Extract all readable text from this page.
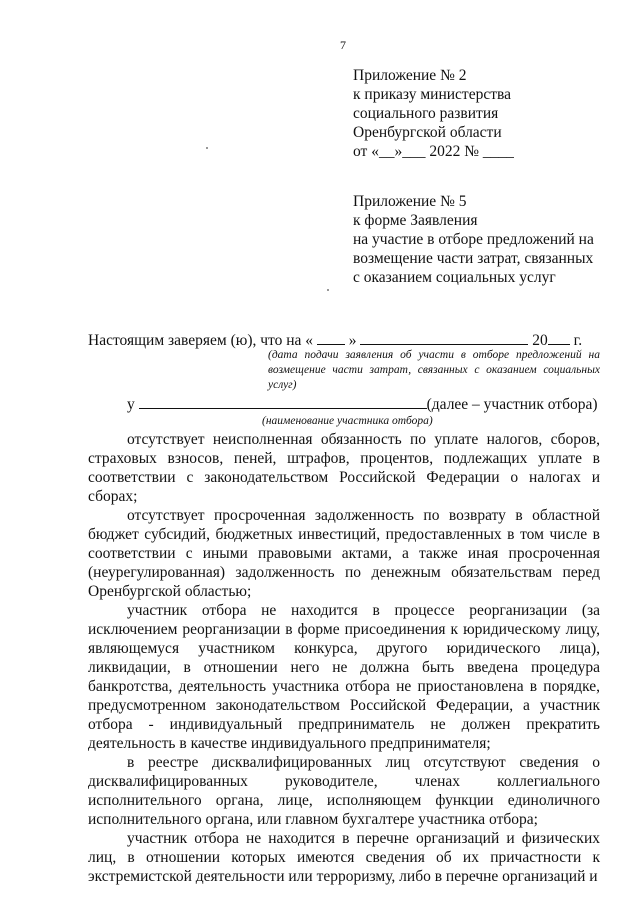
7
Приложение № 2
к приказу министерства
социального развития
Оренбургской области
от «__»___ 2022 № ____
Приложение № 5
к форме Заявления
на участие в отборе предложений на
возмещение части затрат, связанных
с оказанием социальных услуг
Настоящим заверяем (ю), что на « »	20 г.
(дата подачи заявления об участи в отборе предложений на возмещение части затрат, связанных с оказанием социальных услуг)
у	(далее – участник отбора)
(наименование участника отбора)

отсутствует неисполненная обязанность по уплате налогов, сборов, страховых взносов, пеней, штрафов, процентов, подлежащих уплате в соответствии с законодательством Российской Федерации о налогах и сборах;

отсутствует просроченная задолженность по возврату в областной бюджет субсидий, бюджетных инвестиций, предоставленных в том числе в соответствии с иными правовыми актами, а также иная просроченная (неурегулированная) задолженность по денежным обязательствам перед Оренбургской областью;

участник отбора не находится в процессе реорганизации (за исключением реорганизации в форме присоединения к юридическому лицу, являющемуся участником конкурса, другого юридического лица), ликвидации, в отношении него не должна быть введена процедура банкротства, деятельность участника отбора не приостановлена в порядке, предусмотренном законодательством Российской Федерации, а участник отбора - индивидуальный предприниматель не должен прекратить деятельность в качестве индивидуального предпринимателя;

в реестре дисквалифицированных лиц отсутствуют сведения о дисквалифицированных руководителе, членах коллегиального исполнительного органа, лице, исполняющем функции единоличного исполнительного органа, или главном бухгалтере участника отбора;

участник отбора не находится в перечне организаций и физических лиц, в отношении которых имеются сведения об их причастности к экстремистской деятельности или терроризму, либо в перечне организаций и
